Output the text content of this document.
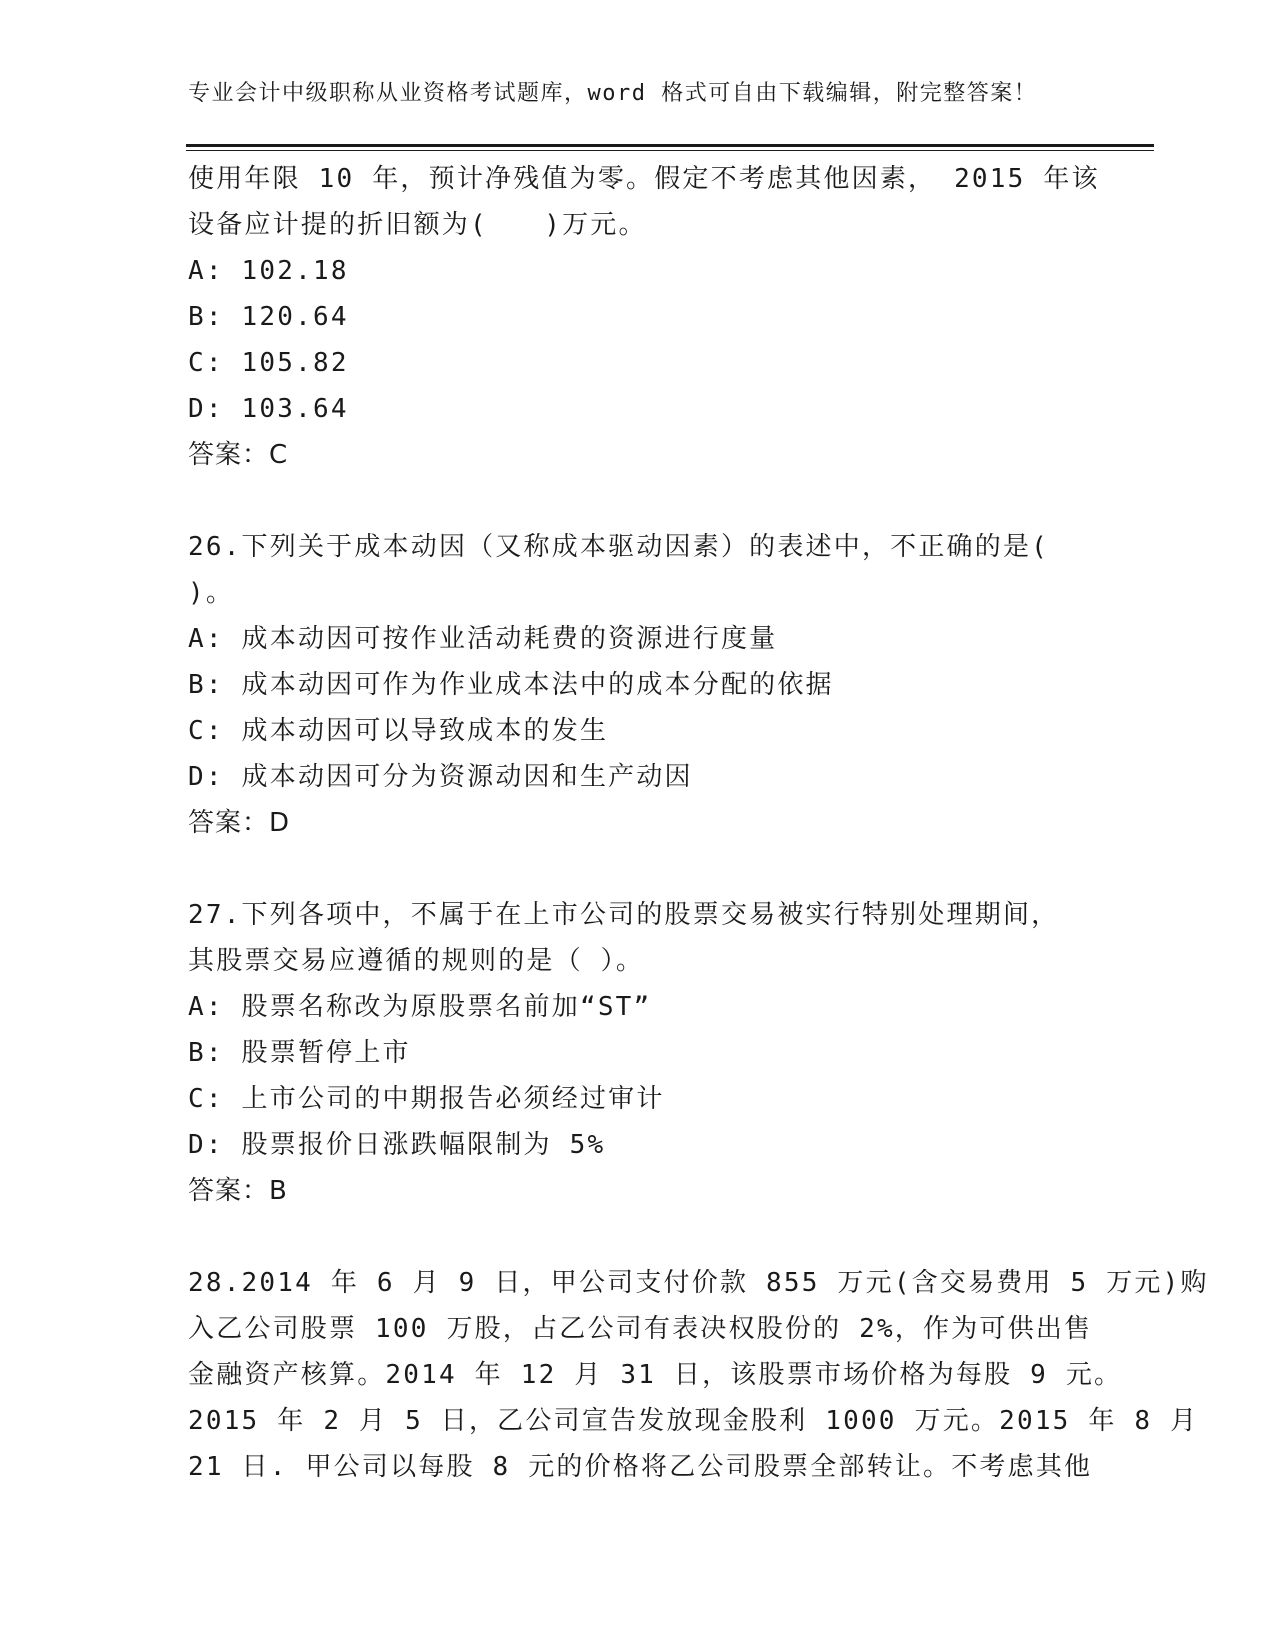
专业会计中级职称从业资格考试题库，word 格式可自由下载编辑，附完整答案！
使用年限 10 年，预计净残值为零。假定不考虑其他因素， 2015 年该
设备应计提的折旧额为(　　)万元。
A: 102.18
B: 120.64
C: 105.82
D: 103.64
答案：C
26.下列关于成本动因（又称成本驱动因素）的表述中，不正确的是(
)。
A: 成本动因可按作业活动耗费的资源进行度量
B: 成本动因可作为作业成本法中的成本分配的依据
C: 成本动因可以导致成本的发生
D: 成本动因可分为资源动因和生产动因
答案：D
27.下列各项中，不属于在上市公司的股票交易被实行特别处理期间，
其股票交易应遵循的规则的是（ ）。
A: 股票名称改为原股票名前加“ST”
B: 股票暂停上市
C: 上市公司的中期报告必须经过审计
D: 股票报价日涨跌幅限制为 5%
答案：B
28.2014 年 6 月 9 日，甲公司支付价款 855 万元(含交易费用 5 万元)购
入乙公司股票 100 万股，占乙公司有表决权股份的 2%，作为可供出售
金融资产核算。2014 年 12 月 31 日，该股票市场价格为每股 9 元。
2015 年 2 月 5 日，乙公司宣告发放现金股利 1000 万元。2015 年 8 月
21 日. 甲公司以每股 8 元的价格将乙公司股票全部转让。不考虑其他
